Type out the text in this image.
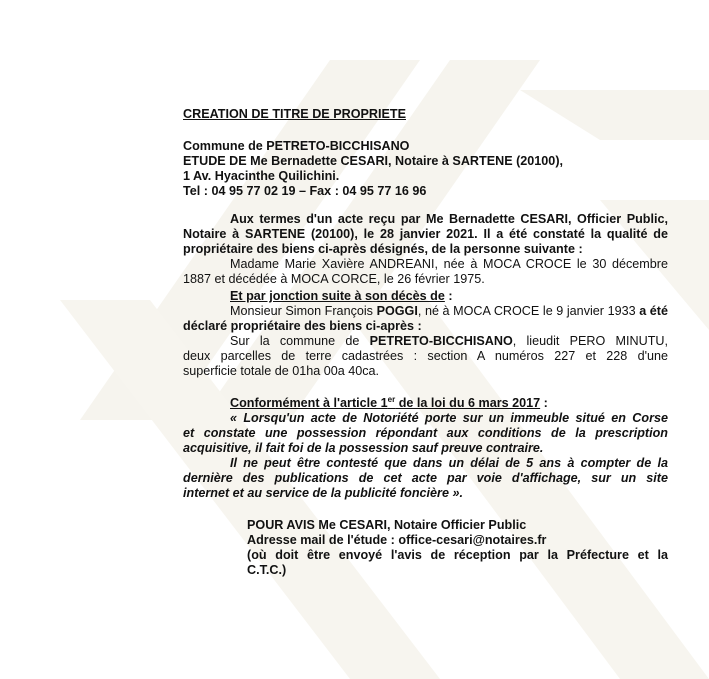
CREATION DE TITRE DE PROPRIETE
Commune de PETRETO-BICCHISANO
ETUDE DE Me Bernadette CESARI, Notaire à SARTENE (20100),
1 Av. Hyacinthe Quilichini.
Tel : 04 95 77 02 19 – Fax : 04 95 77 16 96
Aux termes d'un acte reçu par Me Bernadette CESARI, Officier Public,
Notaire à SARTENE (20100), le 28 janvier 2021. Il a été constaté la qualité de
propriétaire des biens ci-après désignés, de la personne suivante :
Madame Marie Xavière ANDREANI, née à MOCA CROCE le 30 décembre
1887 et décédée à MOCA CORCE, le 26 février 1975.
Et par jonction suite à son décès de :
Monsieur Simon François POGGI, né à MOCA CROCE le 9 janvier 1933 a été
déclaré propriétaire des biens ci-après :
Sur la commune de PETRETO-BICCHISANO, lieudit PERO MINUTU,
deux parcelles de terre cadastrées : section A numéros 227 et 228 d'une
superficie totale de 01ha 00a 40ca.
Conformément à l'article 1er de la loi du 6 mars 2017 :
« Lorsqu'un acte de Notoriété porte sur un immeuble situé en Corse
et constate une possession répondant aux conditions de la prescription
acquisitive, il fait foi de la possession sauf preuve contraire.
Il ne peut être contesté que dans un délai de 5 ans à compter de la
dernière des publications de cet acte par voie d'affichage, sur un site
internet et au service de la publicité foncière ».
POUR AVIS Me CESARI, Notaire Officier Public
Adresse mail de l'étude : office-cesari@notaires.fr
(où doit être envoyé l'avis de réception par la Préfecture et la
C.T.C.)
